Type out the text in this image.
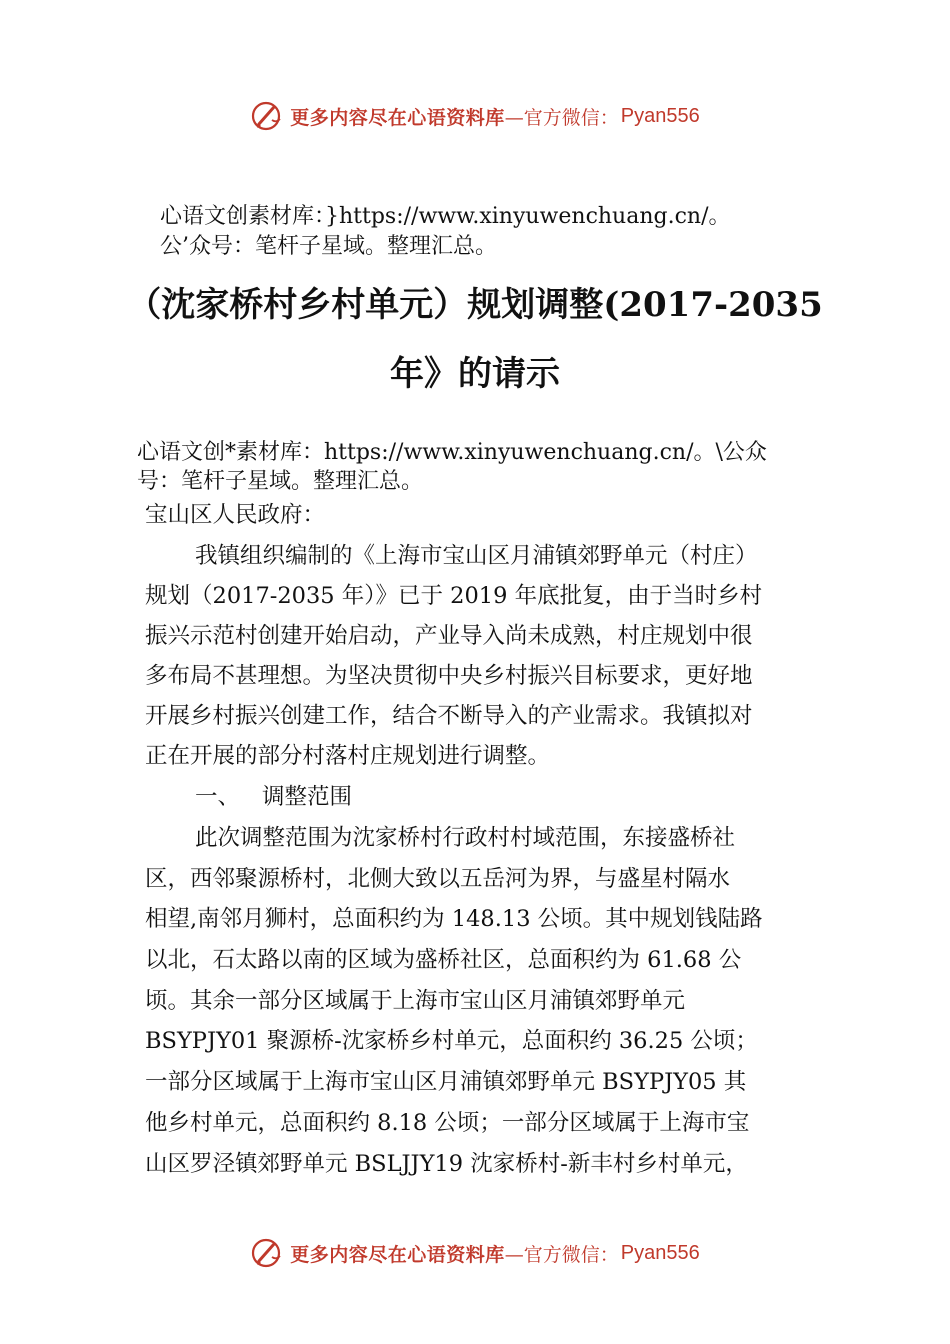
更多内容尽在心语资料库 —官方微信： Pyan556
心语文创素材库：}https://www.xinyuwenchuang.cn/。
公’众号：笔杆子星域。整理汇总。
（沈家桥村乡村单元）规划调整(2017-2035
年》的请示
心语文创*素材库：https://www.xinyuwenchuang.cn/。\公众
号：笔杆子星域。整理汇总。
宝山区人民政府：
我镇组织编制的《上海市宝山区月浦镇郊野单元（村庄）
规划（2017-2035 年）》已于 2019 年底批复，由于当时乡村
振兴示范村创建开始启动，产业导入尚未成熟，村庄规划中很
多布局不甚理想。为坚决贯彻中央乡村振兴目标要求，更好地
开展乡村振兴创建工作，结合不断导入的产业需求。我镇拟对
正在开展的部分村落村庄规划进行调整。
一、 调整范围
此次调整范围为沈家桥村行政村村域范围，东接盛桥社
区，西邻聚源桥村，北侧大致以五岳河为界，与盛星村隔水
相望,南邻月狮村，总面积约为 148.13 公顷。其中规划钱陆路
以北，石太路以南的区域为盛桥社区，总面积约为 61.68 公
顷。其余一部分区域属于上海市宝山区月浦镇郊野单元
BSYPJY01 聚源桥-沈家桥乡村单元，总面积约 36.25 公顷；
一部分区域属于上海市宝山区月浦镇郊野单元 BSYPJY05 其
他乡村单元，总面积约 8.18 公顷；一部分区域属于上海市宝
山区罗泾镇郊野单元 BSLJJY19 沈家桥村-新丰村乡村单元，
更多内容尽在心语资料库 —官方微信： Pyan556
